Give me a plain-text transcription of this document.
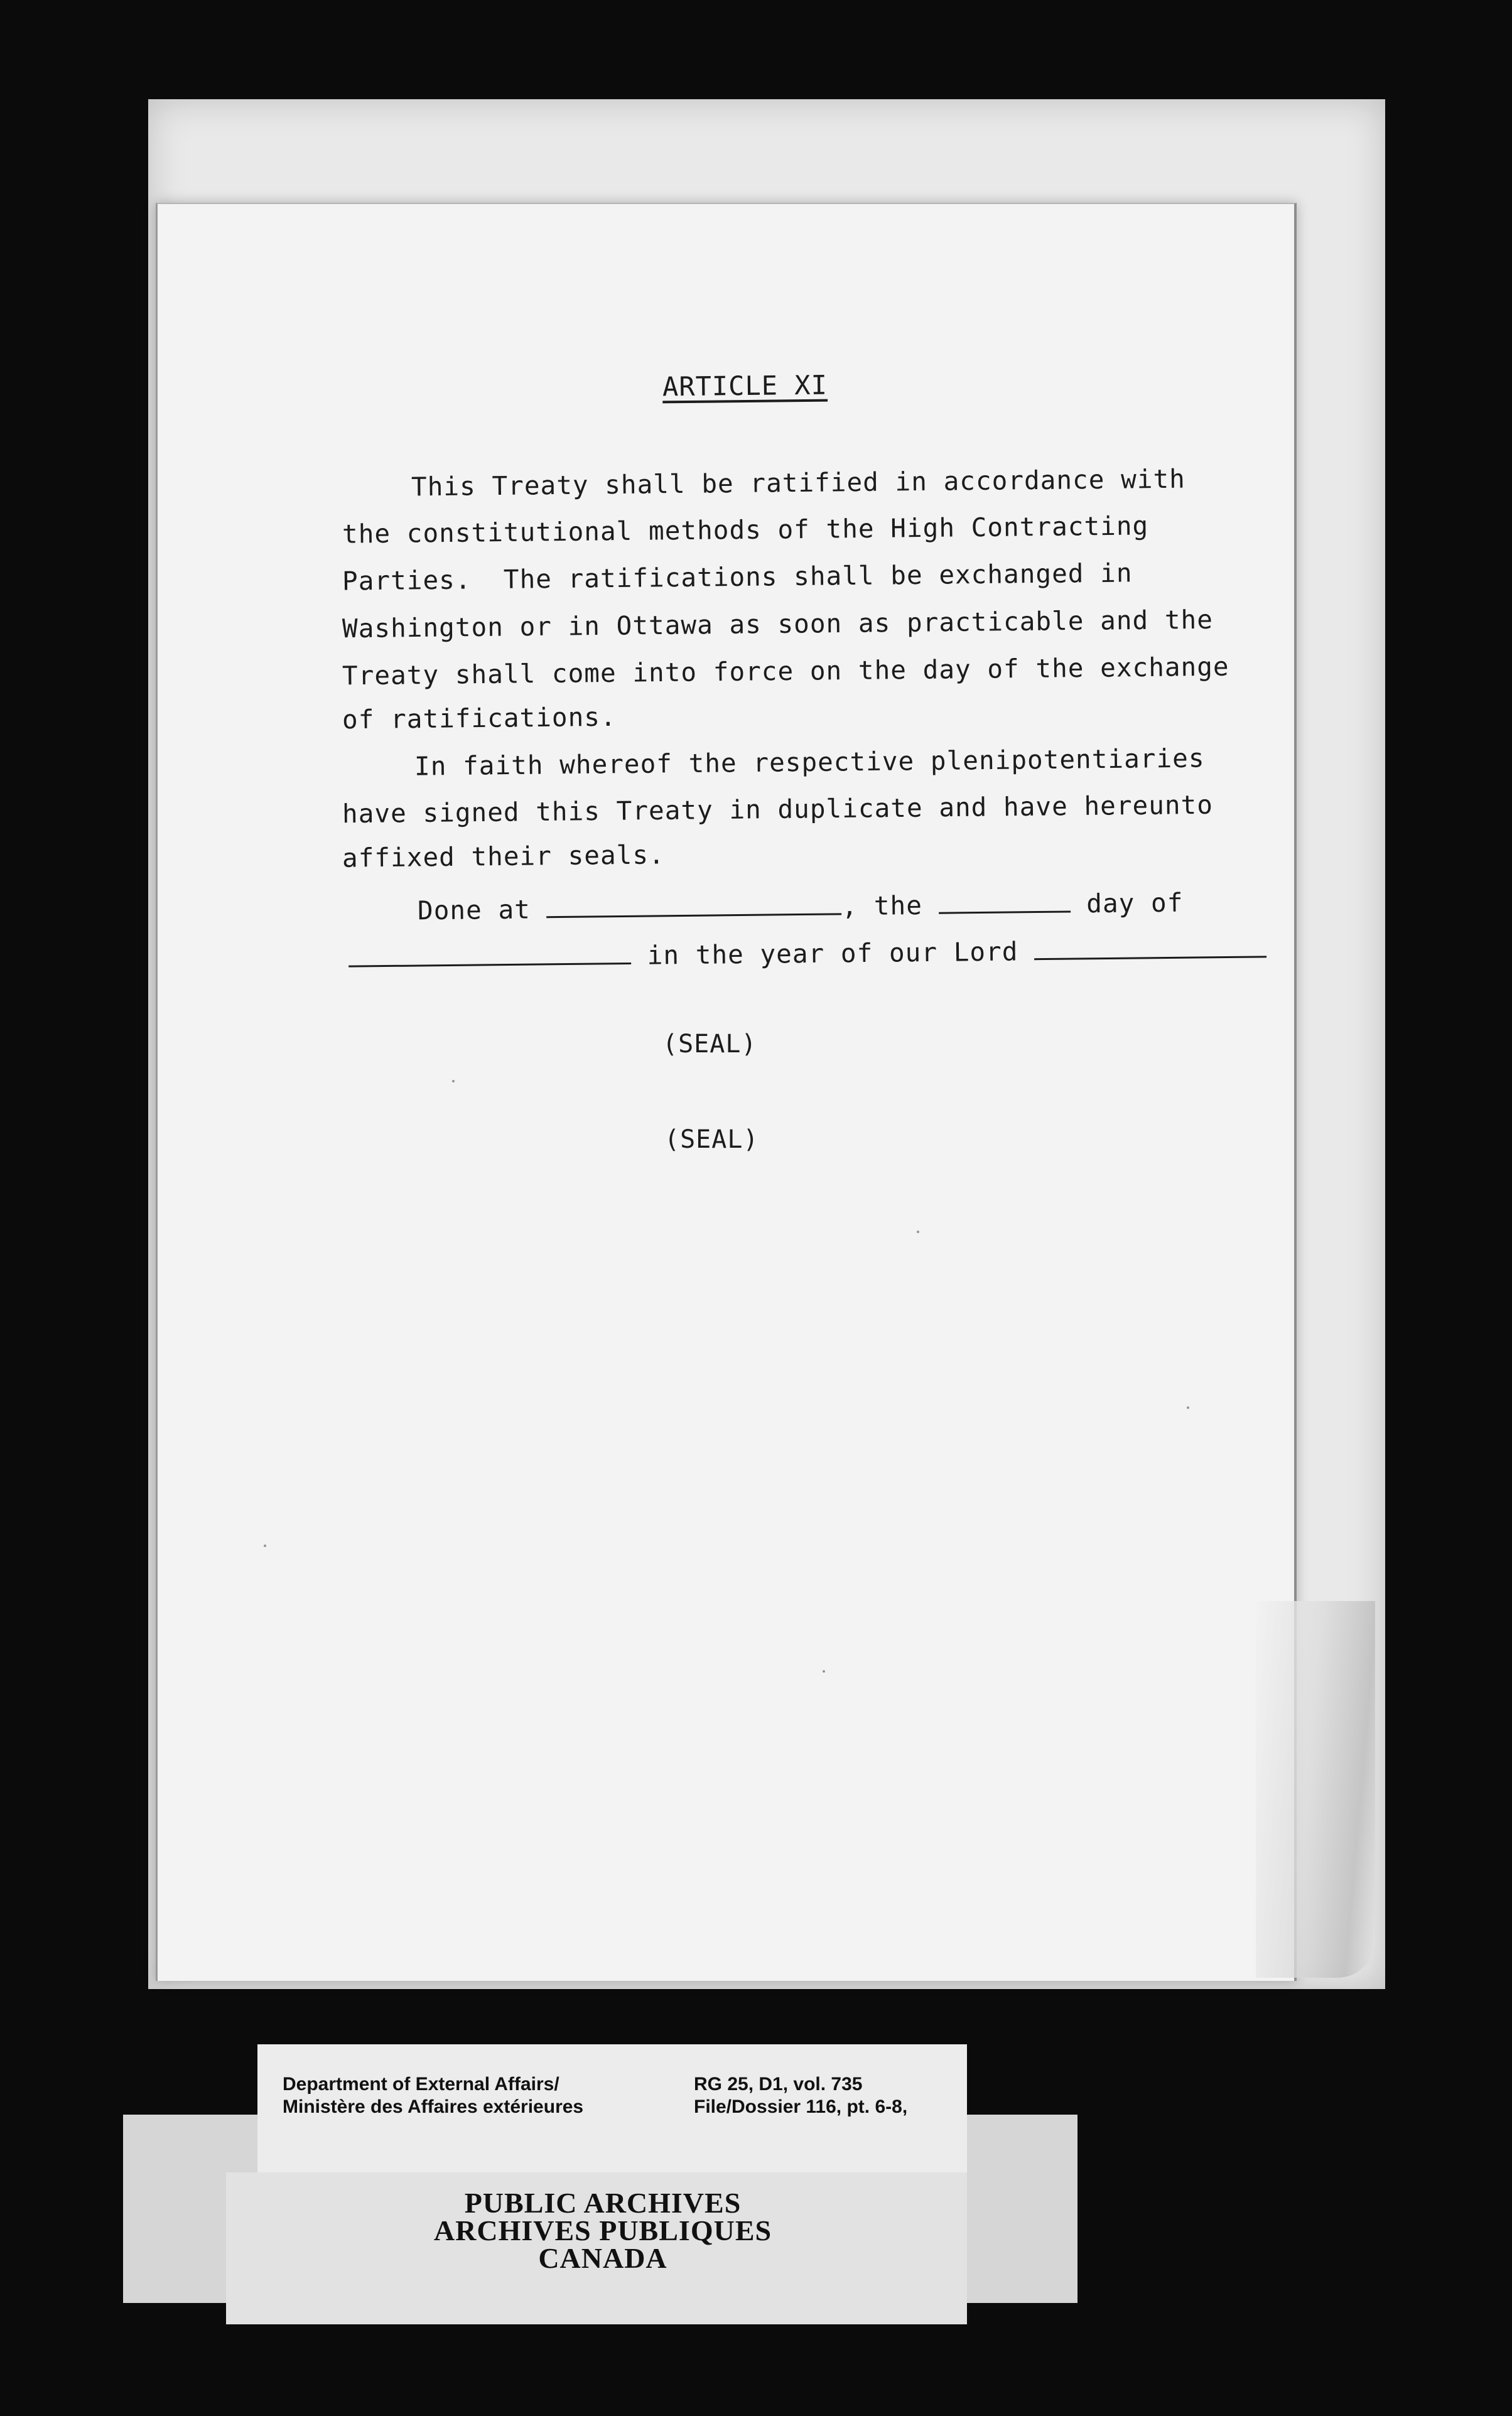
ARTICLE XI
This Treaty shall be ratified in accordance with
the constitutional methods of the High Contracting
Parties.  The ratifications shall be exchanged in
Washington or in Ottawa as soon as practicable and the
Treaty shall come into force on the day of the exchange
of ratifications.
In faith whereof the respective plenipotentiaries
have signed this Treaty in duplicate and have hereunto
affixed their seals.
Done at	, the	day of
in the year of our Lord
(SEAL)
(SEAL)
Department of External Affairs/
Ministère des Affaires extérieures
RG 25, D1, vol. 735
File/Dossier 116, pt. 6-8,
PUBLIC ARCHIVES
ARCHIVES PUBLIQUES
CANADA
